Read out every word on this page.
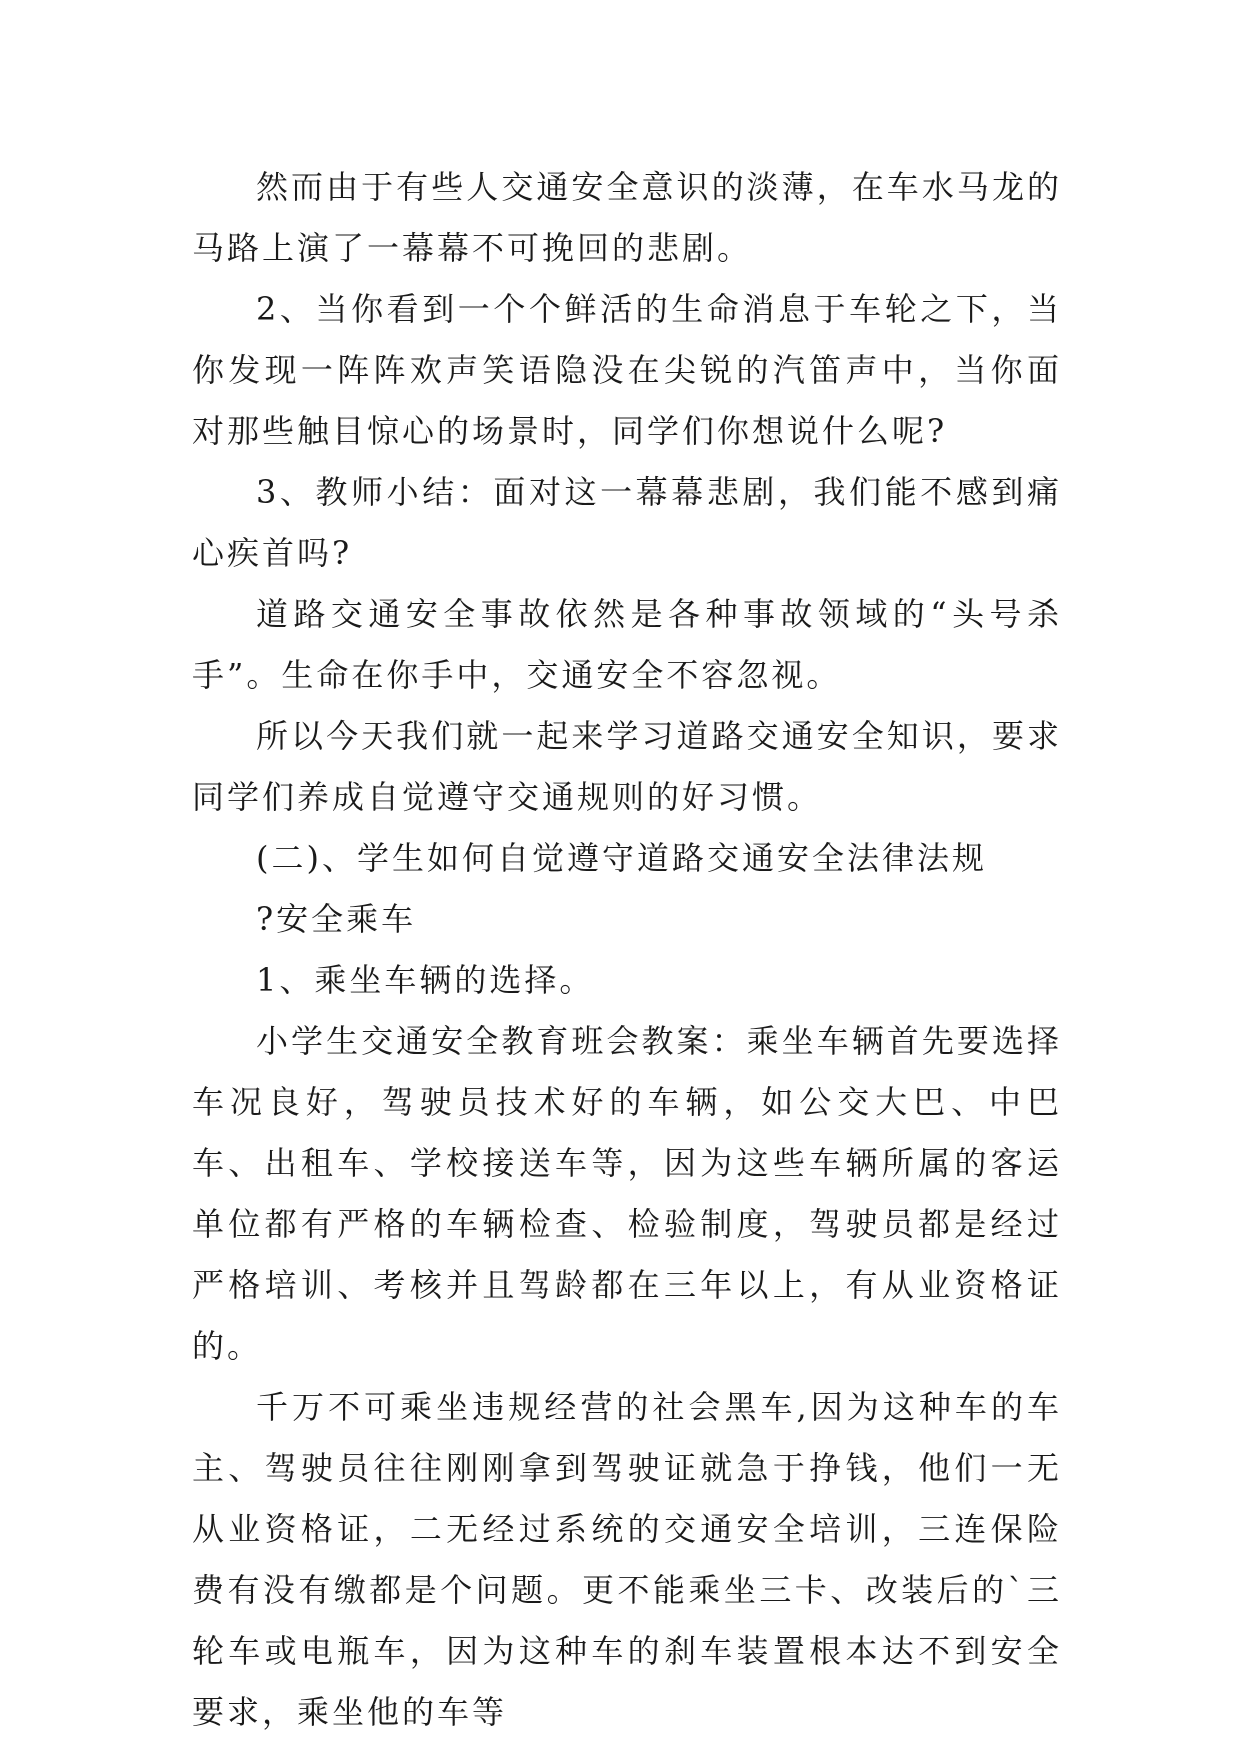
然而由于有些人交通安全意识的淡薄，在车水马龙的马路上演了一幕幕不可挽回的悲剧。

2、当你看到一个个鲜活的生命消息于车轮之下，当你发现一阵阵欢声笑语隐没在尖锐的汽笛声中，当你面对那些触目惊心的场景时，同学们你想说什么呢?

3、教师小结：面对这一幕幕悲剧，我们能不感到痛心疾首吗?

道路交通安全事故依然是各种事故领域的“头号杀手”。生命在你手中，交通安全不容忽视。

所以今天我们就一起来学习道路交通安全知识，要求同学们养成自觉遵守交通规则的好习惯。

(二)、学生如何自觉遵守道路交通安全法律法规

?安全乘车

1、乘坐车辆的选择。

小学生交通安全教育班会教案：乘坐车辆首先要选择车况良好，驾驶员技术好的车辆，如公交大巴、中巴车、出租车、学校接送车等，因为这些车辆所属的客运单位都有严格的车辆检查、检验制度，驾驶员都是经过严格培训、考核并且驾龄都在三年以上，有从业资格证的。

千万不可乘坐违规经营的社会黑车,因为这种车的车主、驾驶员往往刚刚拿到驾驶证就急于挣钱，他们一无从业资格证，二无经过系统的交通安全培训，三连保险费有没有缴都是个问题。更不能乘坐三卡、改装后的`三轮车或电瓶车，因为这种车的刹车装置根本达不到安全要求，乘坐他的车等
